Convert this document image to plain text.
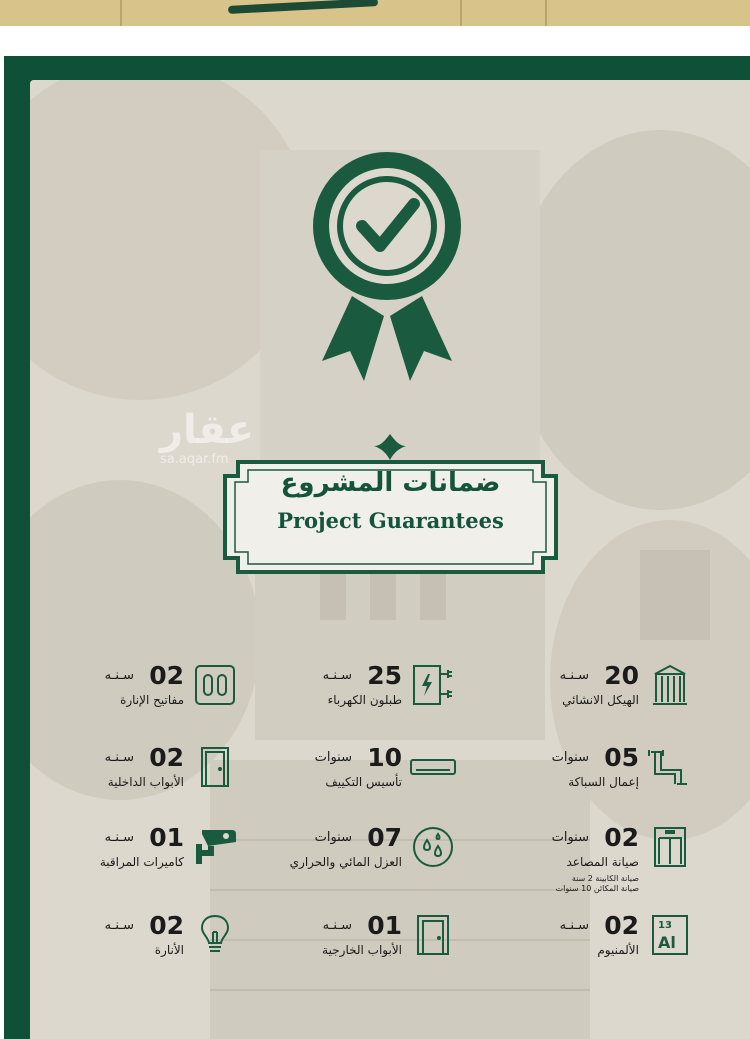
عقار
sa.aqar.fm
ضمانات المشروع
Project Guarantees
20
سـنـه
الهيكل الانشائي
25
سـنـه
طبلون الكهرباء
02
سـنـه
مفاتيح الإنارة
05
سنوات
إعمال السباكة
10
سنوات
تأسيس التكييف
02
سـنـه
الأبواب الداخلية
02
سنوات
صيانة المصاعد
صيانة الكابينة 2 سنة
صيانة المكائن 10 سنوات
07
سنوات
العزل المائي والحراري
01
سـنـه
كاميرات المراقبة
13
Al
02
سـنـه
الألمنيوم
01
سـنـه
الأبواب الخارجية
02
سـنـه
الأنارة
